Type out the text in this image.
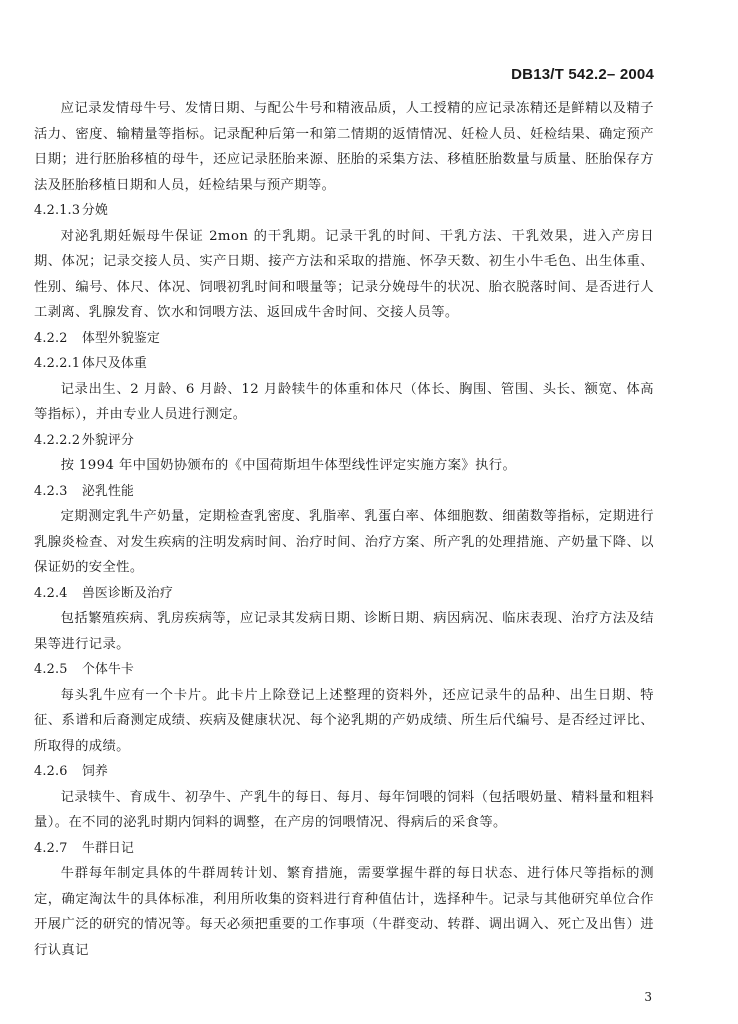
DB13/T 542.2– 2004

应记录发情母牛号、发情日期、与配公牛号和精液品质，人工授精的应记录冻精还是鲜精以及精子活力、密度、输精量等指标。记录配种后第一和第二情期的返情情况、妊检人员、妊检结果、确定预产日期；进行胚胎移植的母牛，还应记录胚胎来源、胚胎的采集方法、移植胚胎数量与质量、胚胎保存方法及胚胎移植日期和人员，妊检结果与预产期等。

4.2.1.3 分娩

对泌乳期妊娠母牛保证 2mon 的干乳期。记录干乳的时间、干乳方法、干乳效果，进入产房日期、体况；记录交接人员、实产日期、接产方法和采取的措施、怀孕天数、初生小牛毛色、出生体重、性别、编号、体尺、体况、饲喂初乳时间和喂量等；记录分娩母牛的状况、胎衣脱落时间、是否进行人工剥离、乳腺发育、饮水和饲喂方法、返回成牛舍时间、交接人员等。

4.2.2 体型外貌鉴定
4.2.2.1 体尺及体重

记录出生、2 月龄、6 月龄、12 月龄犊牛的体重和体尺（体长、胸围、管围、头长、额宽、体高等指标），并由专业人员进行测定。

4.2.2.2 外貌评分

按 1994 年中国奶协颁布的《中国荷斯坦牛体型线性评定实施方案》执行。

4.2.3 泌乳性能

定期测定乳牛产奶量，定期检查乳密度、乳脂率、乳蛋白率、体细胞数、细菌数等指标，定期进行乳腺炎检查、对发生疾病的注明发病时间、治疗时间、治疗方案、所产乳的处理措施、产奶量下降、以保证奶的安全性。

4.2.4 兽医诊断及治疗

包括繁殖疾病、乳房疾病等，应记录其发病日期、诊断日期、病因病况、临床表现、治疗方法及结果等进行记录。

4.2.5 个体牛卡

每头乳牛应有一个卡片。此卡片上除登记上述整理的资料外，还应记录牛的品种、出生日期、特征、系谱和后裔测定成绩、疾病及健康状况、每个泌乳期的产奶成绩、所生后代编号、是否经过评比、所取得的成绩。

4.2.6 饲养

记录犊牛、育成牛、初孕牛、产乳牛的每日、每月、每年饲喂的饲料（包括喂奶量、精料量和粗料量）。在不同的泌乳时期内饲料的调整，在产房的饲喂情况、得病后的采食等。

4.2.7 牛群日记

牛群每年制定具体的牛群周转计划、繁育措施，需要掌握牛群的每日状态、进行体尺等指标的测定，确定淘汰牛的具体标准，利用所收集的资料进行育种值估计，选择种牛。记录与其他研究单位合作开展广泛的研究的情况等。每天必须把重要的工作事项（牛群变动、转群、调出调入、死亡及出售）进行认真记

3
